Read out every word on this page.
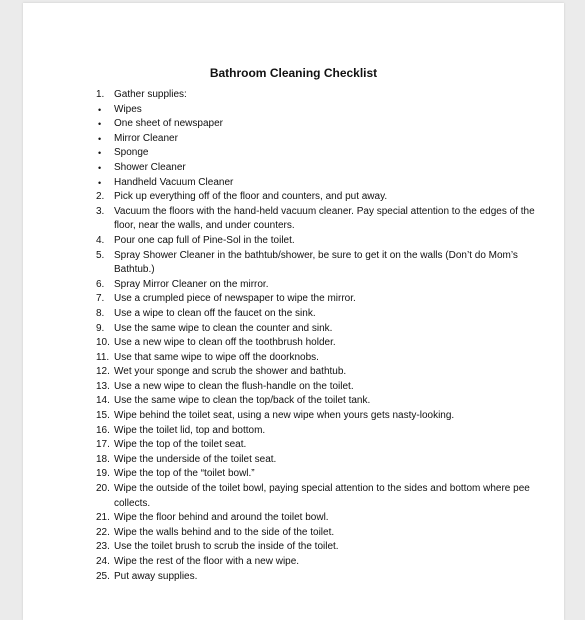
Bathroom Cleaning Checklist
1. Gather supplies:
• Wipes
• One sheet of newspaper
• Mirror Cleaner
• Sponge
• Shower Cleaner
• Handheld Vacuum Cleaner
2. Pick up everything off of the floor and counters, and put away.
3. Vacuum the floors with the hand-held vacuum cleaner. Pay special attention to the edges of the floor, near the walls, and under counters.
4. Pour one cap full of Pine-Sol in the toilet.
5. Spray Shower Cleaner in the bathtub/shower, be sure to get it on the walls (Don’t do Mom’s Bathtub.)
6. Spray Mirror Cleaner on the mirror.
7. Use a crumpled piece of newspaper to wipe the mirror.
8. Use a wipe to clean off the faucet on the sink.
9. Use the same wipe to clean the counter and sink.
10. Use a new wipe to clean off the toothbrush holder.
11. Use that same wipe to wipe off the doorknobs.
12. Wet your sponge and scrub the shower and bathtub.
13. Use a new wipe to clean the flush-handle on the toilet.
14. Use the same wipe to clean the top/back of the toilet tank.
15. Wipe behind the toilet seat, using a new wipe when yours gets nasty-looking.
16. Wipe the toilet lid, top and bottom.
17. Wipe the top of the toilet seat.
18. Wipe the underside of the toilet seat.
19. Wipe the top of the “toilet bowl.”
20. Wipe the outside of the toilet bowl, paying special attention to the sides and bottom where pee collects.
21. Wipe the floor behind and around the toilet bowl.
22. Wipe the walls behind and to the side of the toilet.
23. Use the toilet brush to scrub the inside of the toilet.
24. Wipe the rest of the floor with a new wipe.
25. Put away supplies.
